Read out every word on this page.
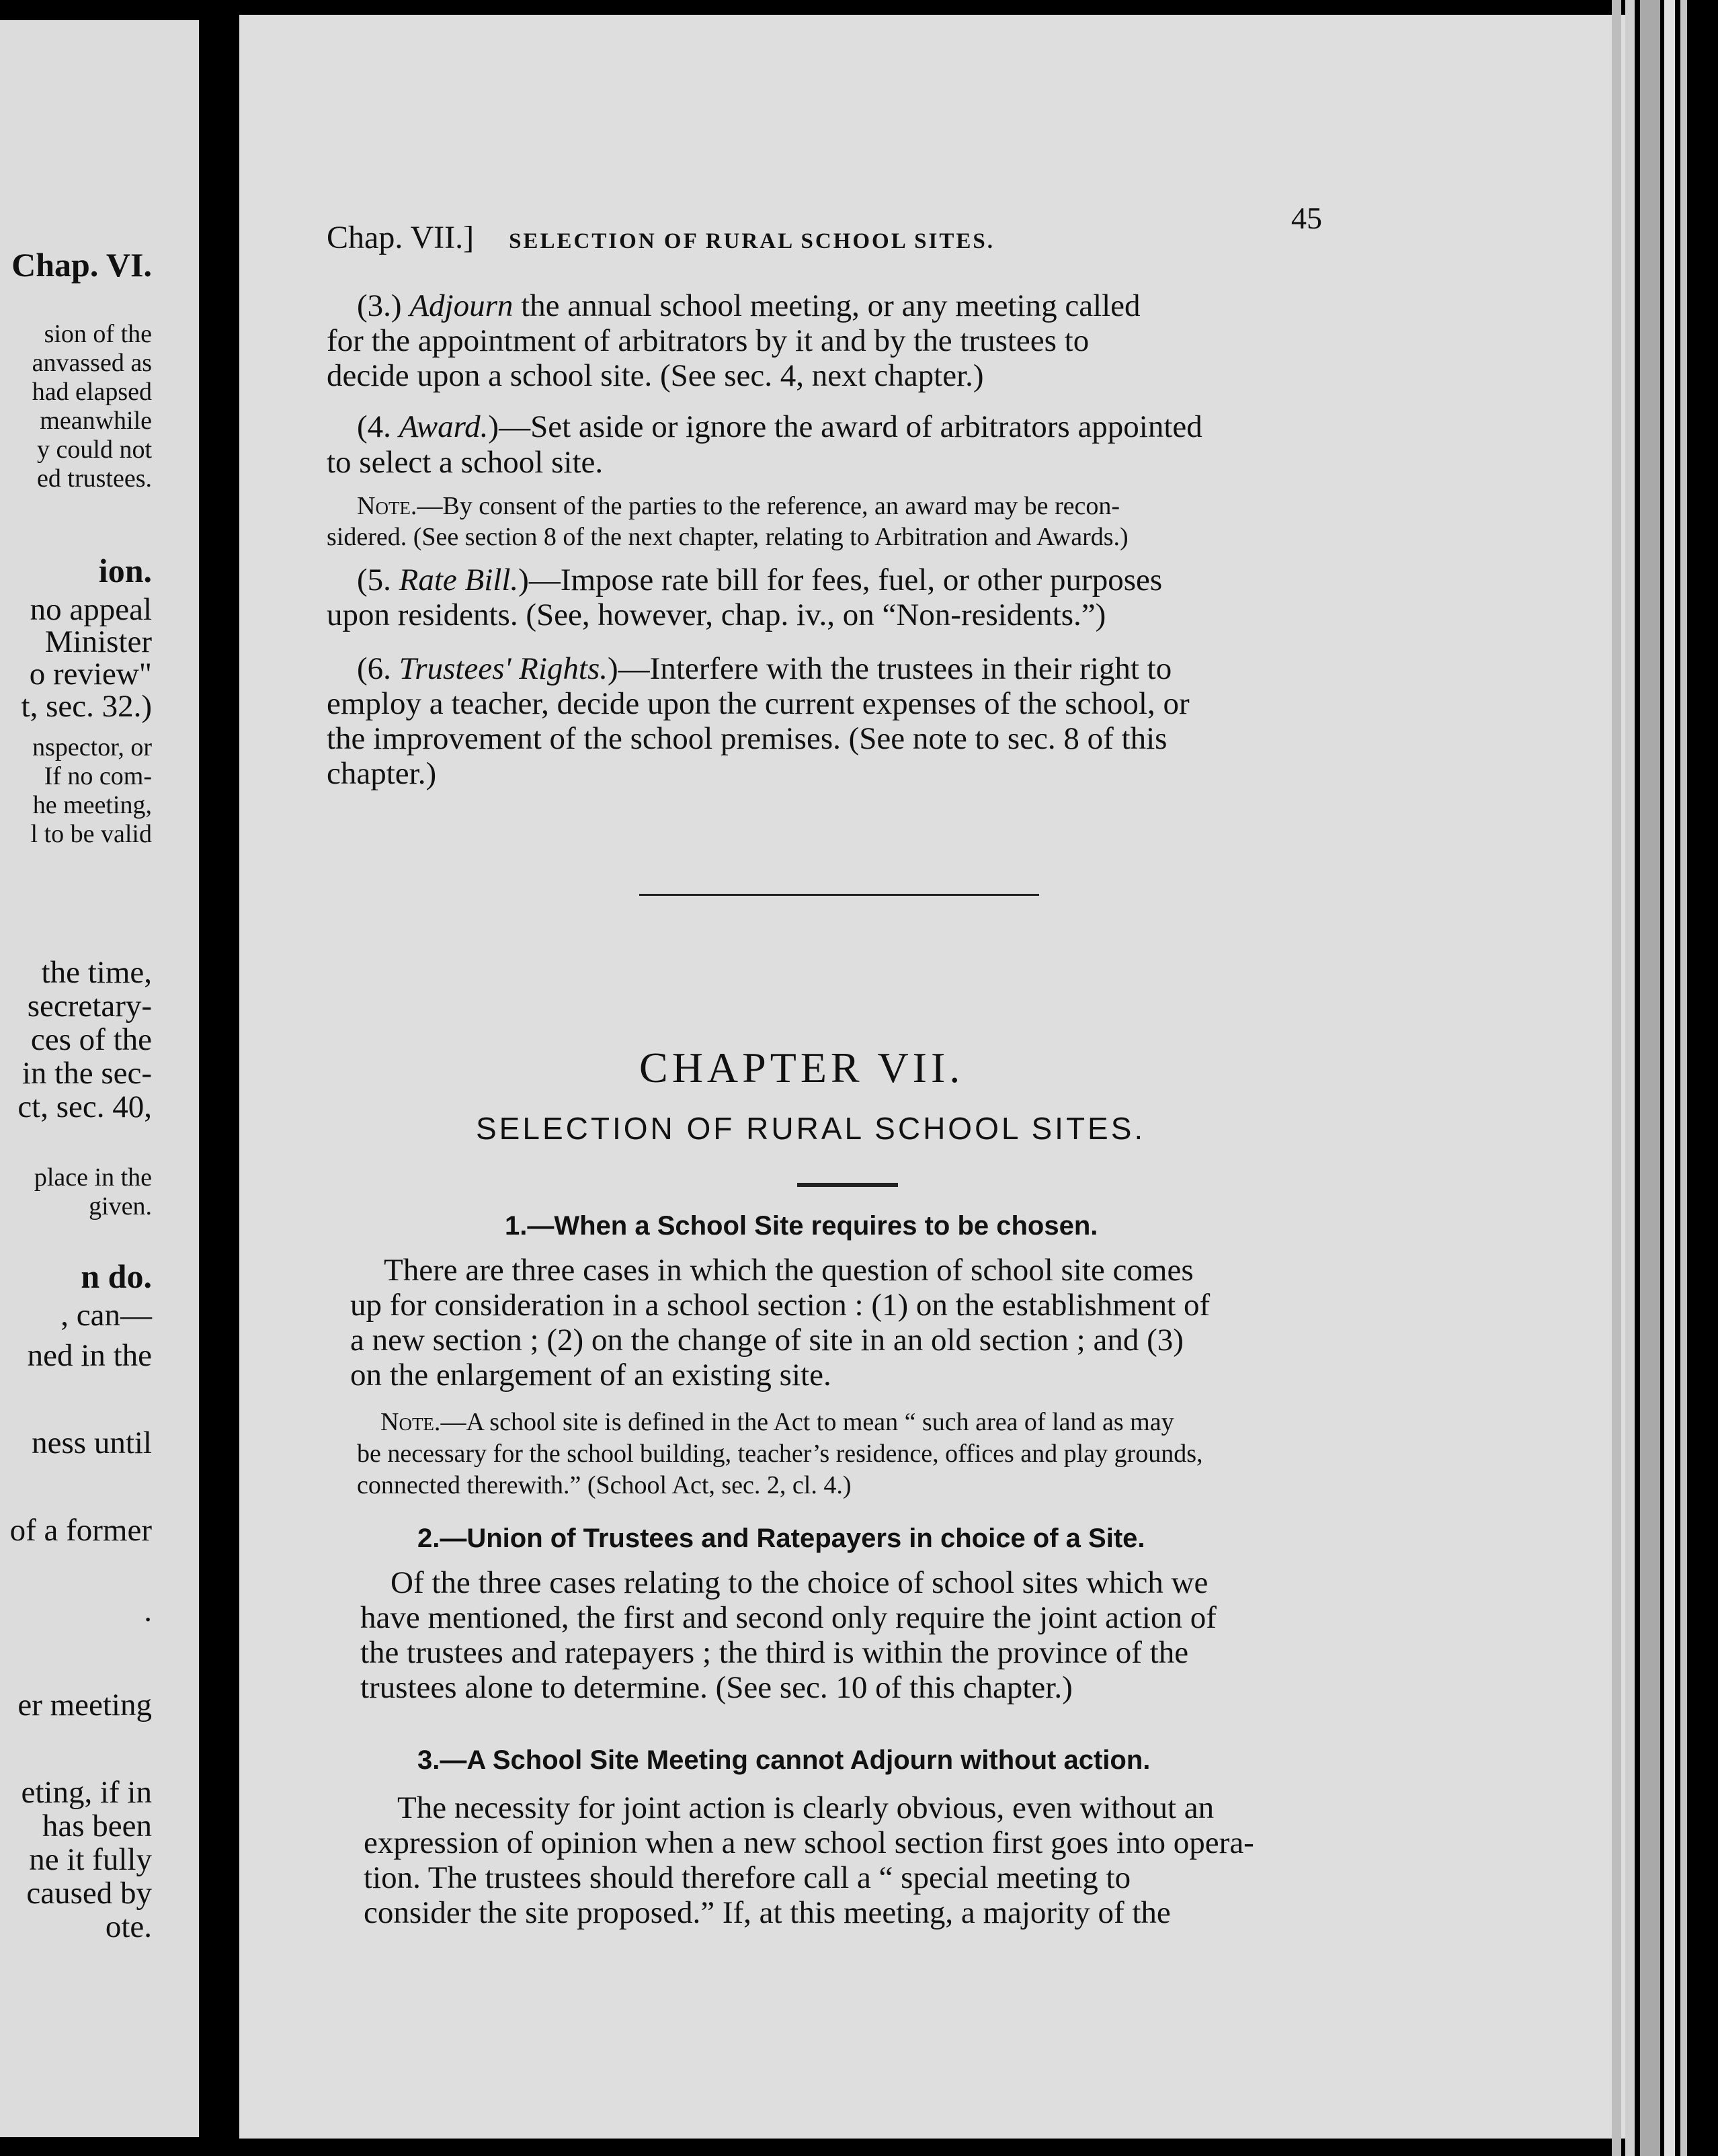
Chap. VI.
sion of the
anvassed as
had elapsed
meanwhile
y could not
ed trustees.
ion.
no appeal
Minister
o review"
t, sec. 32.)
nspector, or
If no com-
he meeting,
l to be valid
the time,
secretary-
ces of the
in the sec-
ct, sec. 40,
place in the
given.
n do.
, can—
ned in the
ness until
of a former
.
er meeting
eting, if in
has been
ne it fully
caused by
ote.
Chap. VII.] SELECTION OF RURAL SCHOOL SITES.
45
(3.) Adjourn the annual school meeting, or any meeting called
for the appointment of arbitrators by it and by the trustees to
decide upon a school site. (See sec. 4, next chapter.)
(4. Award.)—Set aside or ignore the award of arbitrators appointed
to select a school site.
Note.—By consent of the parties to the reference, an award may be recon-
sidered. (See section 8 of the next chapter, relating to Arbitration and Awards.)
(5. Rate Bill.)—Impose rate bill for fees, fuel, or other purposes
upon residents. (See, however, chap. iv., on “Non-residents.”)
(6. Trustees' Rights.)—Interfere with the trustees in their right to
employ a teacher, decide upon the current expenses of the school, or
the improvement of the school premises. (See note to sec. 8 of this
chapter.)
CHAPTER VII.
SELECTION OF RURAL SCHOOL SITES.
1.—When a School Site requires to be chosen.
There are three cases in which the question of school site comes
up for consideration in a school section : (1) on the establishment of
a new section ; (2) on the change of site in an old section ; and (3)
on the enlargement of an existing site.
Note.—A school site is defined in the Act to mean “ such area of land as may
be necessary for the school building, teacher’s residence, offices and play grounds,
connected therewith.” (School Act, sec. 2, cl. 4.)
2.—Union of Trustees and Ratepayers in choice of a Site.
Of the three cases relating to the choice of school sites which we
have mentioned, the first and second only require the joint action of
the trustees and ratepayers ; the third is within the province of the
trustees alone to determine. (See sec. 10 of this chapter.)
3.—A School Site Meeting cannot Adjourn without action.
The necessity for joint action is clearly obvious, even without an
expression of opinion when a new school section first goes into opera-
tion. The trustees should therefore call a “ special meeting to
consider the site proposed.” If, at this meeting, a majority of the
